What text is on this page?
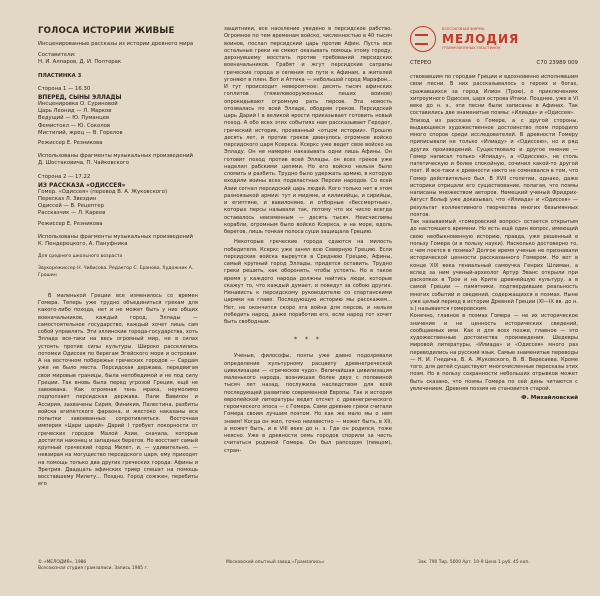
ГОЛОСА ИСТОРИИ ЖИВЫЕ

Инсценированные рассказы из истории древнего мира

Составители:

Н. И. Алпаров, Д. И. Полторак

ПЛАСТИНКА 3

Сторона 1 — 16.30

ВПЕРЕД, СЫНЫ ЭЛЛАДЫ

Инсценировка О. Суриновой

Царь Леонид — Л. Марков

Ведущий — Ю. Пуманцев

Фемистокл — Ю. Соколов

Мистилий, жрец — В. Горелов

Режиссер Е. Резникова

Использованы фрагменты музыкальных произведений Д. Шостаковича, П. Чайковского

Сторона 2 — 17.22

ИЗ РАССКАЗА «ОДИССЕЯ»

Гомер. «Одиссея» (перевод В. А. Жуковского)

Пересказ Л. Звездин

Одиссей — В. Рецептер

Рассказчик — Л. Кареев

Режиссер Е. Резникова

Использованы фрагменты музыкальных произведений К. Пендерецкого, А. Пануфника

Для среднего школьного возраста

Звукорежиссер Н. Чибисова. Редактор С. Еранова. Художник А. Грошин

В маленькой Греции все изменилось со времен Гомера. Теперь уже трудно объединиться грекам для какого-либо похода, нет и не может быть у них общих военачальников, каждый город, Эллады — самостоятельное государство, каждый хочет лишь сам собой управлять. Эти эллинские города-государства, хоть Эллада все-таки на весь огромный мир, не в силах устоять против силы культуры. Широко расселились потомки Одиссея по берегам Эгейского моря и островам. А на восточном побережье греческих городов — Сардам уже не было места. Персидская держава, передвигая свои мировые границы, была непобедимой и не под силу Греции. Так вновь была перед угрозой Греция, ещё не завоевана. Как огромная тень мрака, неумолимо подползает персидская держава. Пали Вавилон и Ассирия, захвачены Сирия, Финикия, Палестина, разбиты войска египетского фараона, и жестоко наказаны все попытки завоеванных сопротивляться. Восточная империя «Цари царей» Дарий I требует покорности от греческих городов Малой Азии, сначала, которые достигли наконец и западных берегов. Но восстает самый крупный греческий город Милет, и, — удивительно, — невзирая на могущество персидского царя, ему приходят на помощь только два других греческих города: Афины и Эретрия. Двадцать афинских триер спешат на помощь восставшему Милету... Поздно. Город сожжен, перебиты его

защитники, все население уведено в персидское рабство. Огромное по тем временам войско, численностью в 40 тысяч воинов, послал персидский царь против Афин. Пусть все остальные греки не смеют оказывать помощь этому городу, дерзнувшему восстать против требований персидских военачальников. Грабят и жгут персидские сатрапы греческие города и селения по пути к Афинам, а жителей угоняют в плен. Вот и Аттика — небольшой город Марафон... И тут происходит невероятное: десять тысяч афинских гоплитов (тяжеловооруженных пеших воинов) опрокидывают огромную рать персов. Эта новость отозвалась по всей Элладе, ободряя греков. Персидский царь Дарий I в великой ярости приказывает готовить новый поход. А обо всех этих событиях нам рассказывает Геродот, греческий историк, прозванный «отцом истории». Прошло десять лет, и против греков двинулось огромное войско персидского царя Ксеркса. Ксеркс уже ведет свое войско на Элладу. Он не намерен наказывать одни лишь Афины. Он готовит поход против всей Эллады, он всех греков уже наделил рабскими цепями. Но его войско нельзя было сломить и разбить. Трудно было удержать армию, в которую входили воины всех подвластных Персии народов. Со всей Азии согнал персидский царь людей. Кого только нет в этом разноязыкой армии: тут и мидяне, и киликийцы, и сирийцы, и египтяне, и вавилоняне, и отборные «бессмертные», которых персы называли так, потому что их число всегда оставалось неизменным — десять тысяч. Неисчислимы корабли, огромным было войско Ксеркса, и на море, вдоль берегов, лишь тонкая полоса суши защищала Грецию.

Некоторые греческие города сдаются на милость победителя. Ксеркс уже занял всю Северную Грецию. Если персидские войска вырвутся в Среднюю Грецию, Афины, самый крупный город Эллады, придется оставить. Трудно греки решить, как оборонять, чтобы устоять. Но в такое время у каждого народа должны найтись люди, которые скажут то, что каждый думает, и поведут за собою других. Ненависть к персидскому руководителю со спартанскими царями на главе. Последующую историю мы расскажем... Нет, не окончится скоро эта война для персов, и нельзя победить народ, даже поработив его, если народ тот хочет быть свободным.

* * *

Ученые, философы, поэты уже давно подозревали определение культурному расцвету древнегреческой цивилизации — «греческое чудо». Величайшая цивилизация маленького народа, возникшая более двух с половиной тысяч лет назад, послужила наследством для всей последующей развитию современной Европы. Так и история европейской литературы ведет отсчет с древнегреческого героического эпоса — с Гомера. Сами древние греки считали Гомера своим лучшим поэтом. Но как же мало мы о нем знаем! Когда он жил, точно неизвестно — может быть, в XII, а может быть, и в VIII веке до н. э. Где он родился, тоже неясно. Уже в древности семь городов спорили за честь считаться родиной Гомера. Он был рапсодом (певцом), стран-

ВСЕСОЮЗНАЯ ФИРМА
МЕЛОДИЯ
ГРАММОФОННЫХ ПЛАСТИНОК
СТЕРЕО	С70 23989 009

ствовавшим по городам Греции и вдохновенно исполнявшим свои песни. В них рассказывалось о героях и богах, сражавшихся за город Илион (Трою), о приключениях хитроумного Одиссея, царя острова Итаки. Позднее, уже в VI веке до н. э., эти песни были записаны в Афинах. Так составились две знаменитые поэмы: «Илиада» и «Одиссея».
Эпизод из рассказа о Гомере, а с другой стороны, выдающееся художественное достоинство поэм породило много споров среди исследователей. В древности Гомеру приписывали не только «Илиаду» и «Одиссею», но и ряд других произведений. Существовало и другое мнение — Гомер написал только «Илиаду», а «Одиссею», не столь патетическую и более спокойную, сочинил какой-то другой поэт. И все-таки к древности никто не сомневался в том, что Гомер действительно был. В XVII столетии, однако, даже историки отрицали его существование, полагая, что поэмы написаны множеством авторов. Немецкий ученый Фридрих-Август Вольф уже доказывал, что «Илиада» и «Одиссея» — результат коллективного творчества многих безымянных поэтов.
Так называемый «гомеровский вопрос» остается открытым до настоящего времени. Но есть ещё один вопрос, имеющий свою необыкновенную историю, правда, уже решенный в пользу Гомера (и в пользу науки). Насколько достоверно то, о чем поется в поэмах? Долгое время ученые не признавали исторической ценности рассказанного Гомером. Но вот в конце XIX века гениальный самоучка Генрих Шлиман, а вслед за ним ученый-археолог Артур Эванс открыли при раскопках в Трое и на Крите древнейшую культуру, а в самой Греции — памятники, подтвердившие реальность многих событий и сведений, содержащихся в поэмах. Ныне уже целый период в истории Древней Греции (XI—IX вв. до н. э.) называется гомеровским.
Конечно, главное в поэмах Гомера — не их историческое значение и не ценность исторических сведений, сообщаемых ими. Как и для всех позже, главное — это художественные достоинства произведения. Шедевры мировой литературы, «Илиада» и «Одиссея» много раз переводились на русский язык. Самые знаменитые переводы — Н. И. Гнедича, В. А. Жуковского, В. В. Вересаева. Кроме того, для детей существуют многочисленные пересказы этих поэм. Но в пользу сохранности небольших отрывков может быть сказано, что поэмы Гомера по сей день читаются с увлечением. Древняя поэзия не становится старой.

Ф. Михайловский

© «МЕЛОДИЯ», 1986

Всесоюзная студия грамзаписи. Запись 1985 г.

Московский опытный завод «Грамзапись»	Зак. 790 Тир. 5000 Арт. 10-9 Цена 1 руб. 45 коп.
